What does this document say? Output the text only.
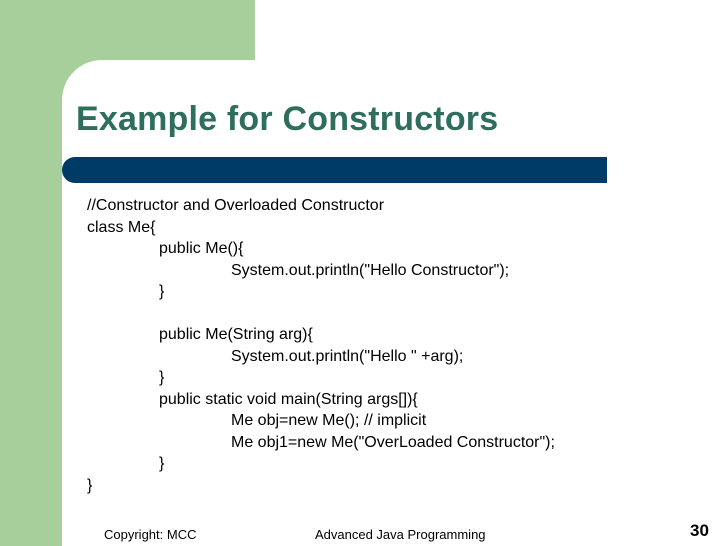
Example for Constructors
//Constructor and Overloaded Constructor
class Me{
public Me(){
System.out.println("Hello Constructor");
}
public Me(String arg){
System.out.println("Hello " +arg);
}
public static void main(String args[]){
Me obj=new Me(); // implicit
Me obj1=new Me("OverLoaded Constructor");
}
}
Copyright: MCC	Advanced Java Programming	30
